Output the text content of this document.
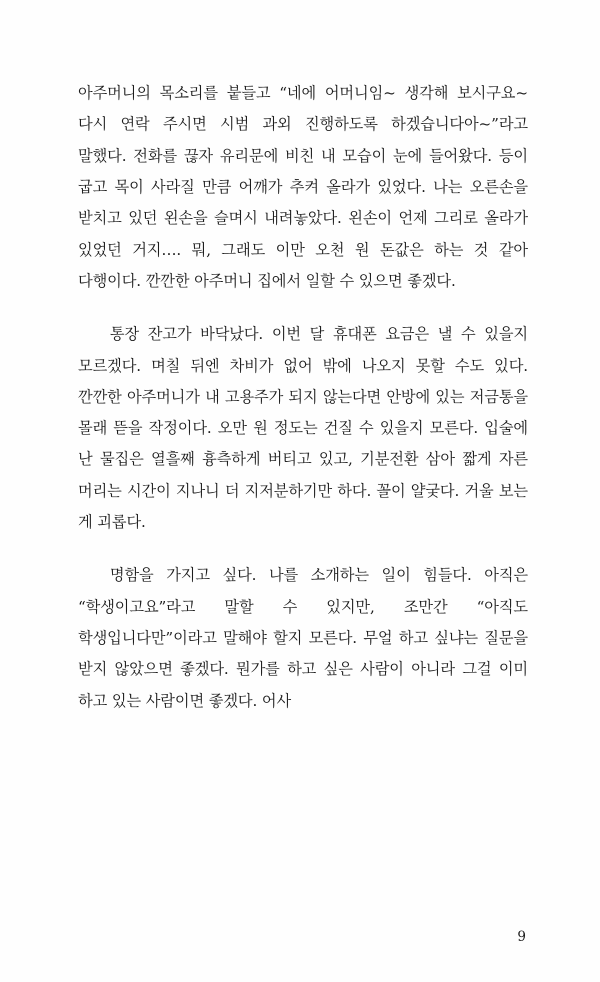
아주머니의 목소리를 붙들고 “네에 어머니임~ 생각해 보시구요~ 다시 연락 주시면 시범 과외 진행하도록 하겠습니다아~”라고 말했다. 전화를 끊자 유리문에 비친 내 모습이 눈에 들어왔다. 등이 굽고 목이 사라질 만큼 어깨가 추켜 올라가 있었다. 나는 오른손을 받치고 있던 왼손을 슬며시 내려놓았다. 왼손이 언제 그리로 올라가 있었던 거지…. 뭐, 그래도 이만 오천 원 돈값은 하는 것 같아 다행이다. 깐깐한 아주머니 집에서 일할 수 있으면 좋겠다.

통장 잔고가 바닥났다. 이번 달 휴대폰 요금은 낼 수 있을지 모르겠다. 며칠 뒤엔 차비가 없어 밖에 나오지 못할 수도 있다. 깐깐한 아주머니가 내 고용주가 되지 않는다면 안방에 있는 저금통을 몰래 뜯을 작정이다. 오만 원 정도는 건질 수 있을지 모른다. 입술에 난 물집은 열흘째 흉측하게 버티고 있고, 기분전환 삼아 짧게 자른 머리는 시간이 지나니 더 지저분하기만 하다. 꼴이 얄궂다. 거울 보는 게 괴롭다.

명함을 가지고 싶다. 나를 소개하는 일이 힘들다. 아직은 “학생이고요”라고 말할 수 있지만, 조만간 “아직도 학생입니다만”이라고 말해야 할지 모른다. 무얼 하고 싶냐는 질문을 받지 않았으면 좋겠다. 뭔가를 하고 싶은 사람이 아니라 그걸 이미 하고 있는 사람이면 좋겠다. 어사

9
